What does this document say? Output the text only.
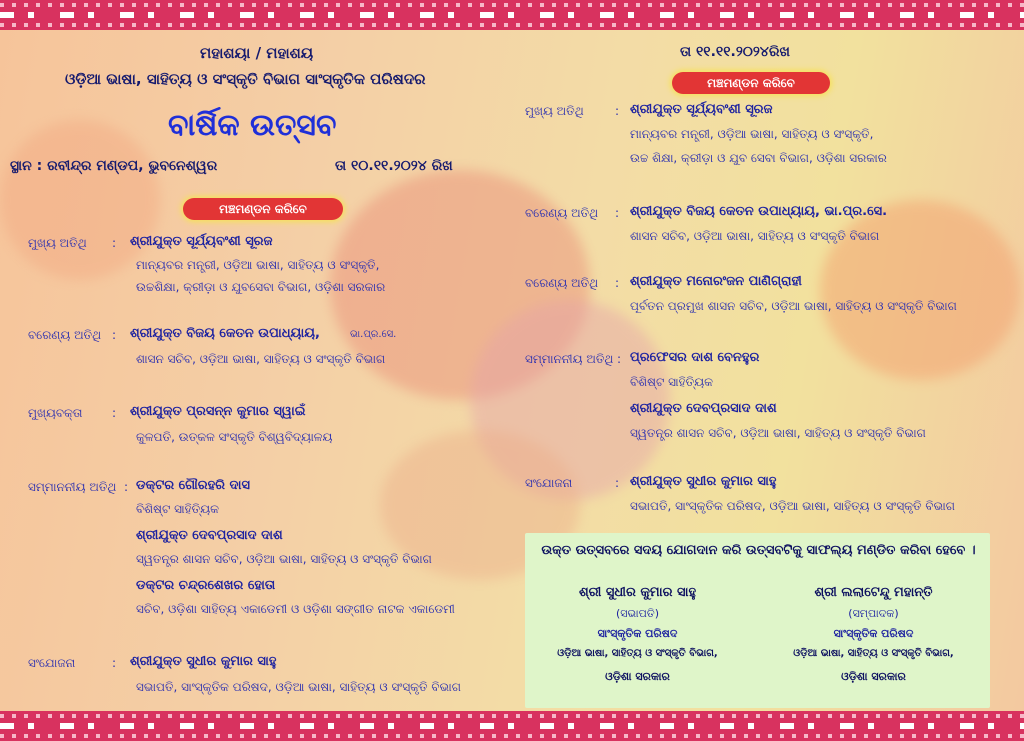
ମହାଶୟା / ମହାଶୟ
ଓଡ଼ିଆ ଭାଷା, ସାହିତ୍ୟ ଓ ସଂସ୍କୃତି ବିଭାଗ ସାଂସ୍କୃତିକ ପରିଷଦର
ବାର୍ଷିକ ଉତ୍ସବ
ସ୍ଥାନ : ରବୀନ୍ଦ୍ର ମଣ୍ଡପ, ଭୁବନେଶ୍ୱର	ତା ୧୦.୧୧.୨୦୨୪ ରିଖ
ମଞ୍ଚମଣ୍ଡନ କରିବେ
ମୁଖ୍ୟ ଅତିଥି : ଶ୍ରୀଯୁକ୍ତ ସୂର୍ଯ୍ୟବଂଶୀ ସୂରଜ
ମାନ୍ୟବର ମନ୍ତ୍ରୀ, ଓଡ଼ିଆ ଭାଷା, ସାହିତ୍ୟ ଓ ସଂସ୍କୃତି,
ଉଚ୍ଚଶିକ୍ଷା, କ୍ରୀଡ଼ା ଓ ଯୁବସେବା ବିଭାଗ, ଓଡ଼ିଶା ସରକାର
ବରେଣ୍ୟ ଅତିଥି : ଶ୍ରୀଯୁକ୍ତ ବିଜୟ କେତନ ଉପାଧ୍ୟାୟ,	ଭା.ପ୍ର.ସେ.
ଶାସନ ସଚିବ, ଓଡ଼ିଆ ଭାଷା, ସାହିତ୍ୟ ଓ ସଂସ୍କୃତି ବିଭାଗ
ମୁଖ୍ୟବକ୍ତା : ଶ୍ରୀଯୁକ୍ତ ପ୍ରସନ୍ନ କୁମାର ସ୍ୱାଇଁ
କୁଳପତି, ଉତ୍କଳ ସଂସ୍କୃତି ବିଶ୍ୱବିଦ୍ୟାଳୟ
ସମ୍ମାନନୀୟ ଅତିଥି : ଡକ୍ଟର ଗୌରହରି ଦାସ
ବିଶିଷ୍ଟ ସାହିତ୍ୟିକ
ଶ୍ରୀଯୁକ୍ତ ଦେବପ୍ରସାଦ ଦାଶ
ସ୍ୱତନ୍ତ୍ର ଶାସନ ସଚିବ, ଓଡ଼ିଆ ଭାଷା, ସାହିତ୍ୟ ଓ ସଂସ୍କୃତି ବିଭାଗ
ଡକ୍ଟର ଚନ୍ଦ୍ରଶେଖର ହୋତା
ସଚିବ, ଓଡ଼ିଶା ସାହିତ୍ୟ ଏକାଡେମୀ ଓ ଓଡ଼ିଶା ସଙ୍ଗୀତ ନାଟକ ଏକାଡେମୀ
ସଂଯୋଜନା	: ଶ୍ରୀଯୁକ୍ତ ସୁଧୀର କୁମାର ସାହୁ
ସଭାପତି, ସାଂସ୍କୃତିକ ପରିଷଦ, ଓଡ଼ିଆ ଭାଷା, ସାହିତ୍ୟ ଓ ସଂସ୍କୃତି ବିଭାଗ
ତା ୧୧.୧୧.୨୦୨୪ରିଖ
ମଞ୍ଚମଣ୍ଡନ କରିବେ
ମୁଖ୍ୟ ଅତିଥି	: ଶ୍ରୀଯୁକ୍ତ ସୂର୍ଯ୍ୟବଂଶୀ ସୂରଜ
ମାନ୍ୟବର ମନ୍ତ୍ରୀ, ଓଡ଼ିଆ ଭାଷା, ସାହିତ୍ୟ ଓ ସଂସ୍କୃତି,
ଉଚ୍ଚ ଶିକ୍ଷା, କ୍ରୀଡ଼ା ଓ ଯୁବ ସେବା ବିଭାଗ, ଓଡ଼ିଶା ସରକାର
ବରେଣ୍ୟ ଅତିଥି : ଶ୍ରୀଯୁକ୍ତ ବିଜୟ କେତନ ଉପାଧ୍ୟାୟ, ଭା.ପ୍ର.ସେ.
ଶାସନ ସଚିବ, ଓଡ଼ିଆ ଭାଷା, ସାହିତ୍ୟ ଓ ସଂସ୍କୃତି ବିଭାଗ
ବରେଣ୍ୟ ଅତିଥି : ଶ୍ରୀଯୁକ୍ତ ମନୋରଂଜନ ପାଣିଗ୍ରାହୀ
ପୂର୍ବତନ ପ୍ରମୁଖ ଶାସନ ସଚିବ, ଓଡ଼ିଆ ଭାଷା, ସାହିତ୍ୟ ଓ ସଂସ୍କୃତି ବିଭାଗ
ସମ୍ମାନନୀୟ ଅତିଥି : ପ୍ରଫେସର ଦାଶ ବେନହୁର
ବିଶିଷ୍ଟ ସାହିତ୍ୟିକ
ଶ୍ରୀଯୁକ୍ତ ଦେବପ୍ରସାଦ ଦାଶ
ସ୍ୱତନ୍ତ୍ର ଶାସନ ସଚିବ, ଓଡ଼ିଆ ଭାଷା, ସାହିତ୍ୟ ଓ ସଂସ୍କୃତି ବିଭାଗ
ସଂଯୋଜନା	: ଶ୍ରୀଯୁକ୍ତ ସୁଧୀର କୁମାର ସାହୁ
ସଭାପତି, ସାଂସ୍କୃତିକ ପରିଷଦ, ଓଡ଼ିଆ ଭାଷା, ସାହିତ୍ୟ ଓ ସଂସ୍କୃତି ବିଭାଗ
ଉକ୍ତ ଉତ୍ସବରେ ସଦୟ ଯୋଗଦାନ କରି ଉତ୍ସବଟିକୁ ସାଫଲ୍ୟ ମଣ୍ଡିତ କରିବା ହେବେ ।
ଶ୍ରୀ ସୁଧୀର କୁମାର ସାହୁ
(ସଭାପତି)
ସାଂସ୍କୃତିକ ପରିଷଦ
ଓଡ଼ିଆ ଭାଷା, ସାହିତ୍ୟ ଓ ସଂସ୍କୃତି ବିଭାଗ,
ଓଡ଼ିଶା ସରକାର
ଶ୍ରୀ ଲଲାଟେନ୍ଦୁ ମହାନ୍ତି
(ସମ୍ପାଦକ)
ସାଂସ୍କୃତିକ ପରିଷଦ
ଓଡ଼ିଆ ଭାଷା, ସାହିତ୍ୟ ଓ ସଂସ୍କୃତି ବିଭାଗ,
ଓଡ଼ିଶା ସରକାର
